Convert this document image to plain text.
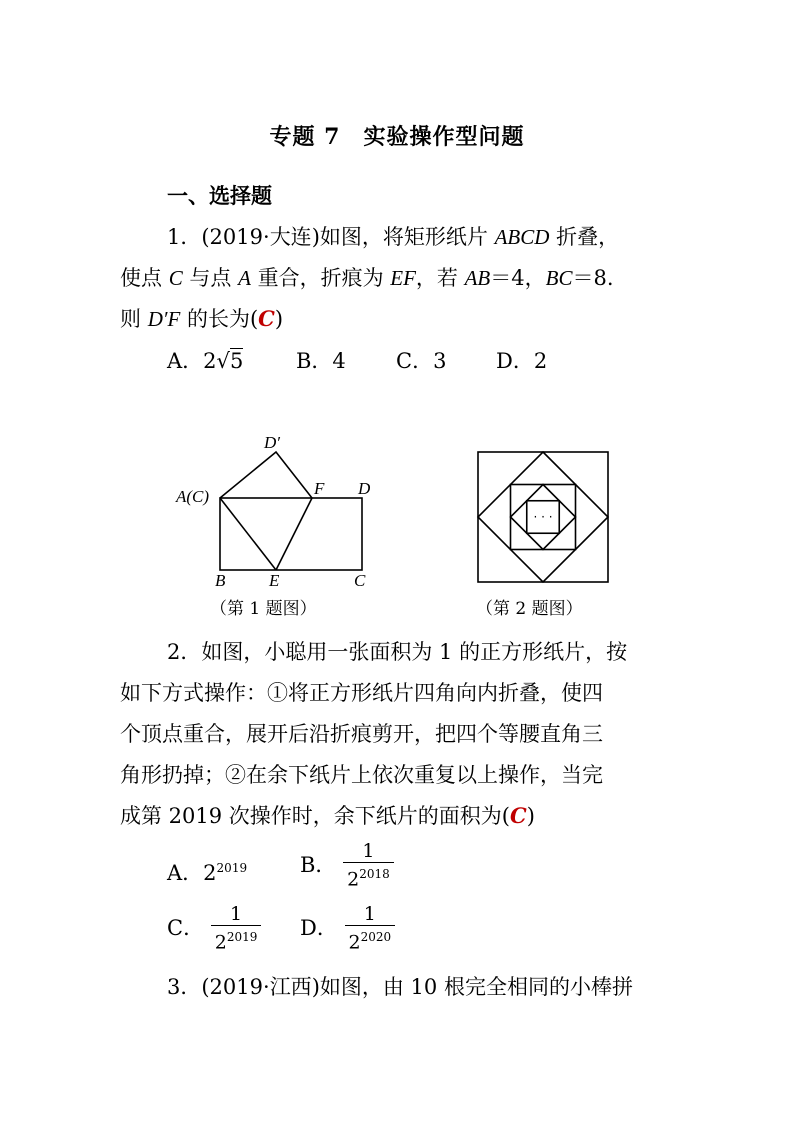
专题 7　实验操作型问题
一、选择题
1．(2019·大连)如图，将矩形纸片 ABCD 折叠，
使点 C 与点 A 重合，折痕为 EF，若 AB＝4，BC＝8.
则 D′F 的长为(C)
A．2√5	B．4 C．3 D．2
D′
A(C)	F D
B	E	C
（第 1 题图）
· · ·
（第 2 题图）
2．如图，小聪用一张面积为 1 的正方形纸片，按
如下方式操作：①将正方形纸片四角向内折叠，使四
个顶点重合，展开后沿折痕剪开，把四个等腰直角三
角形扔掉；②在余下纸片上依次重复以上操作，当完
成第 2019 次操作时，余下纸片的面积为(C)
A．$2^{2019}$	B． $\frac{1}{2^{2018}}$
C． $\frac{1}{2^{2019}}$ D． $\frac{1}{2^{2020}}$
3．(2019·江西)如图，由 10 根完全相同的小棒拼
